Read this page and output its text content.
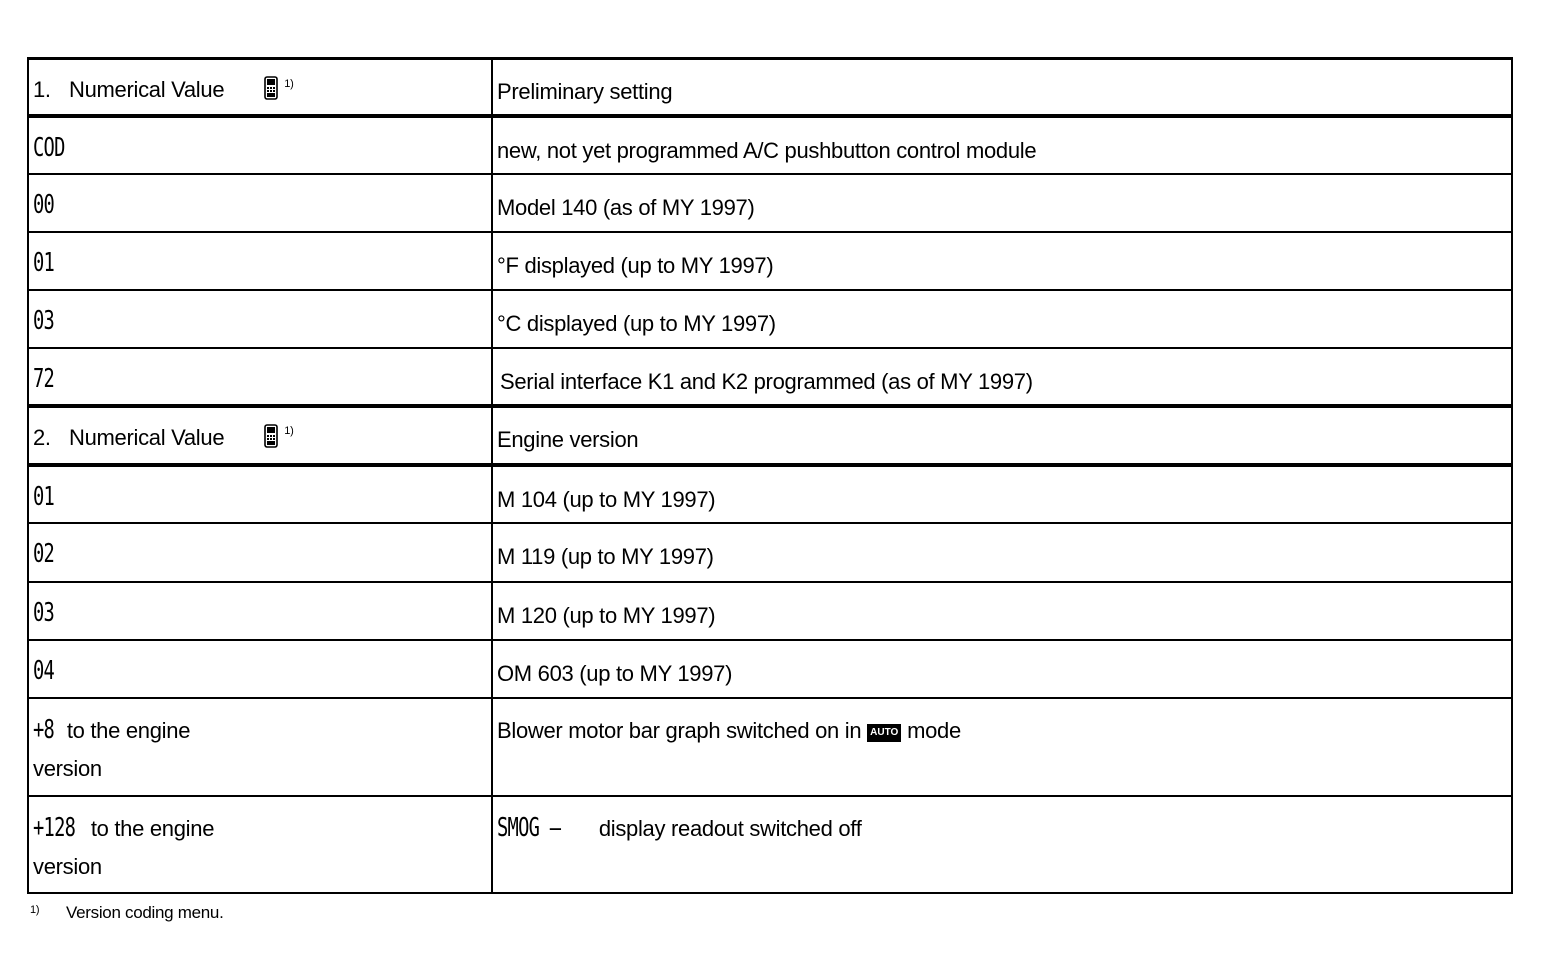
1. Numerical Value 1)	Preliminary setting

COD	new, not yet programmed A/C pushbutton control module

00	Model 140 (as of MY 1997)

01	°F displayed (up to MY 1997)

03	°C displayed (up to MY 1997)

72	Serial interface K1 and K2 programmed (as of MY 1997)

2. Numerical Value 1)	Engine version

01	M 104 (up to MY 1997)

02	M 119 (up to MY 1997)

03	M 120 (up to MY 1997)

04	OM 603 (up to MY 1997)

+8 to the engine
version	Blower motor bar graph switched on in AUTO mode

+128 to the engine
version	SMOG – display readout switched off
1) Version coding menu.
